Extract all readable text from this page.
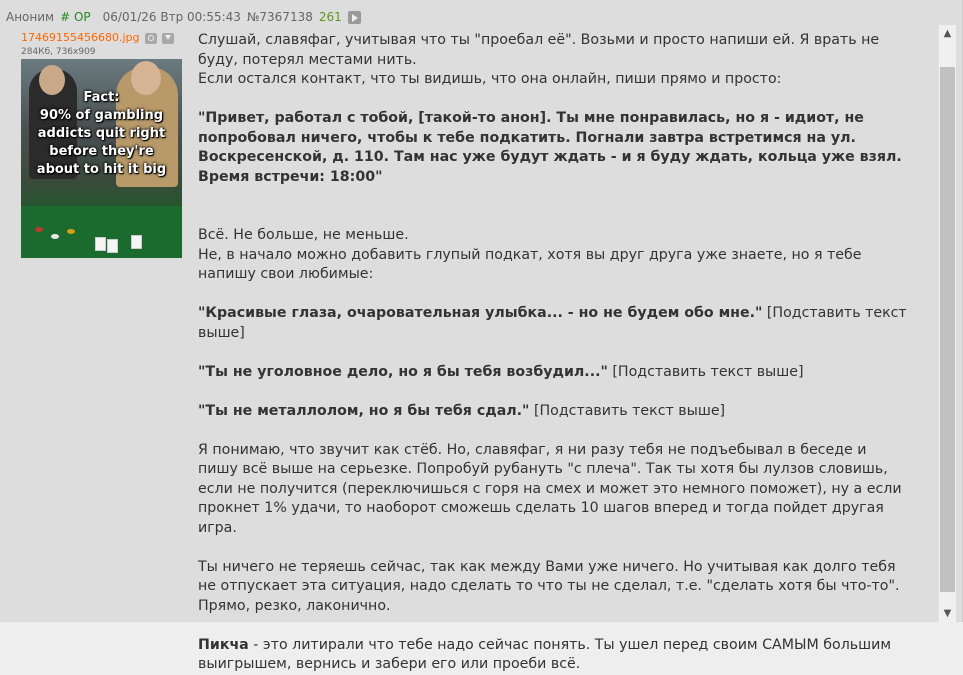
Аноним # OP 06/01/26 Втр 00:55:43 №7367138 261
17469155456680.jpg
284Кб, 736x909
Fact:
90% of gambling
addicts quit right
before they're
about to hit it big

Слушай, славяфаг, учитывая что ты "проебал её". Возьми и просто напиши ей. Я врать не буду, потерял местами нить.

Если остался контакт, что ты видишь, что она онлайн, пиши прямо и просто:

"Привет, работал с тобой, [такой-то анон]. Ты мне понравилась, но я - идиот, не попробовал ничего, чтобы к тебе подкатить. Погнали завтра встретимся на ул. Воскресенской, д. 110. Там нас уже будут ждать - и я буду ждать, кольца уже взял. Время встречи: 18:00"

Всё. Не больше, не меньше.

Не, в начало можно добавить глупый подкат, хотя вы друг друга уже знаете, но я тебе напишу свои любимые:

"Красивые глаза, очаровательная улыбка... - но не будем обо мне." [Подставить текст выше]

"Ты не уголовное дело, но я бы тебя возбудил..." [Подставить текст выше]

"Ты не металлолом, но я бы тебя сдал." [Подставить текст выше]

Я понимаю, что звучит как стёб. Но, славяфаг, я ни разу тебя не подъебывал в беседе и пишу всё выше на серьезке. Попробуй рубануть "с плеча". Так ты хотя бы лулзов словишь, если не получится (переключишься с горя на смех и может это немного поможет), ну а если прокнет 1% удачи, то наоборот сможешь сделать 10 шагов вперед и тогда пойдет другая игра.

Ты ничего не теряешь сейчас, так как между Вами уже ничего. Но учитывая как долго тебя не отпускает эта ситуация, надо сделать то что ты не сделал, т.е. "сделать хотя бы что-то". Прямо, резко, лаконично.

Пикча - это литирали что тебе надо сейчас понять. Ты ушел перед своим САМЫМ большим выигрышем, вернись и забери его или проеби всё.

▲
▼
